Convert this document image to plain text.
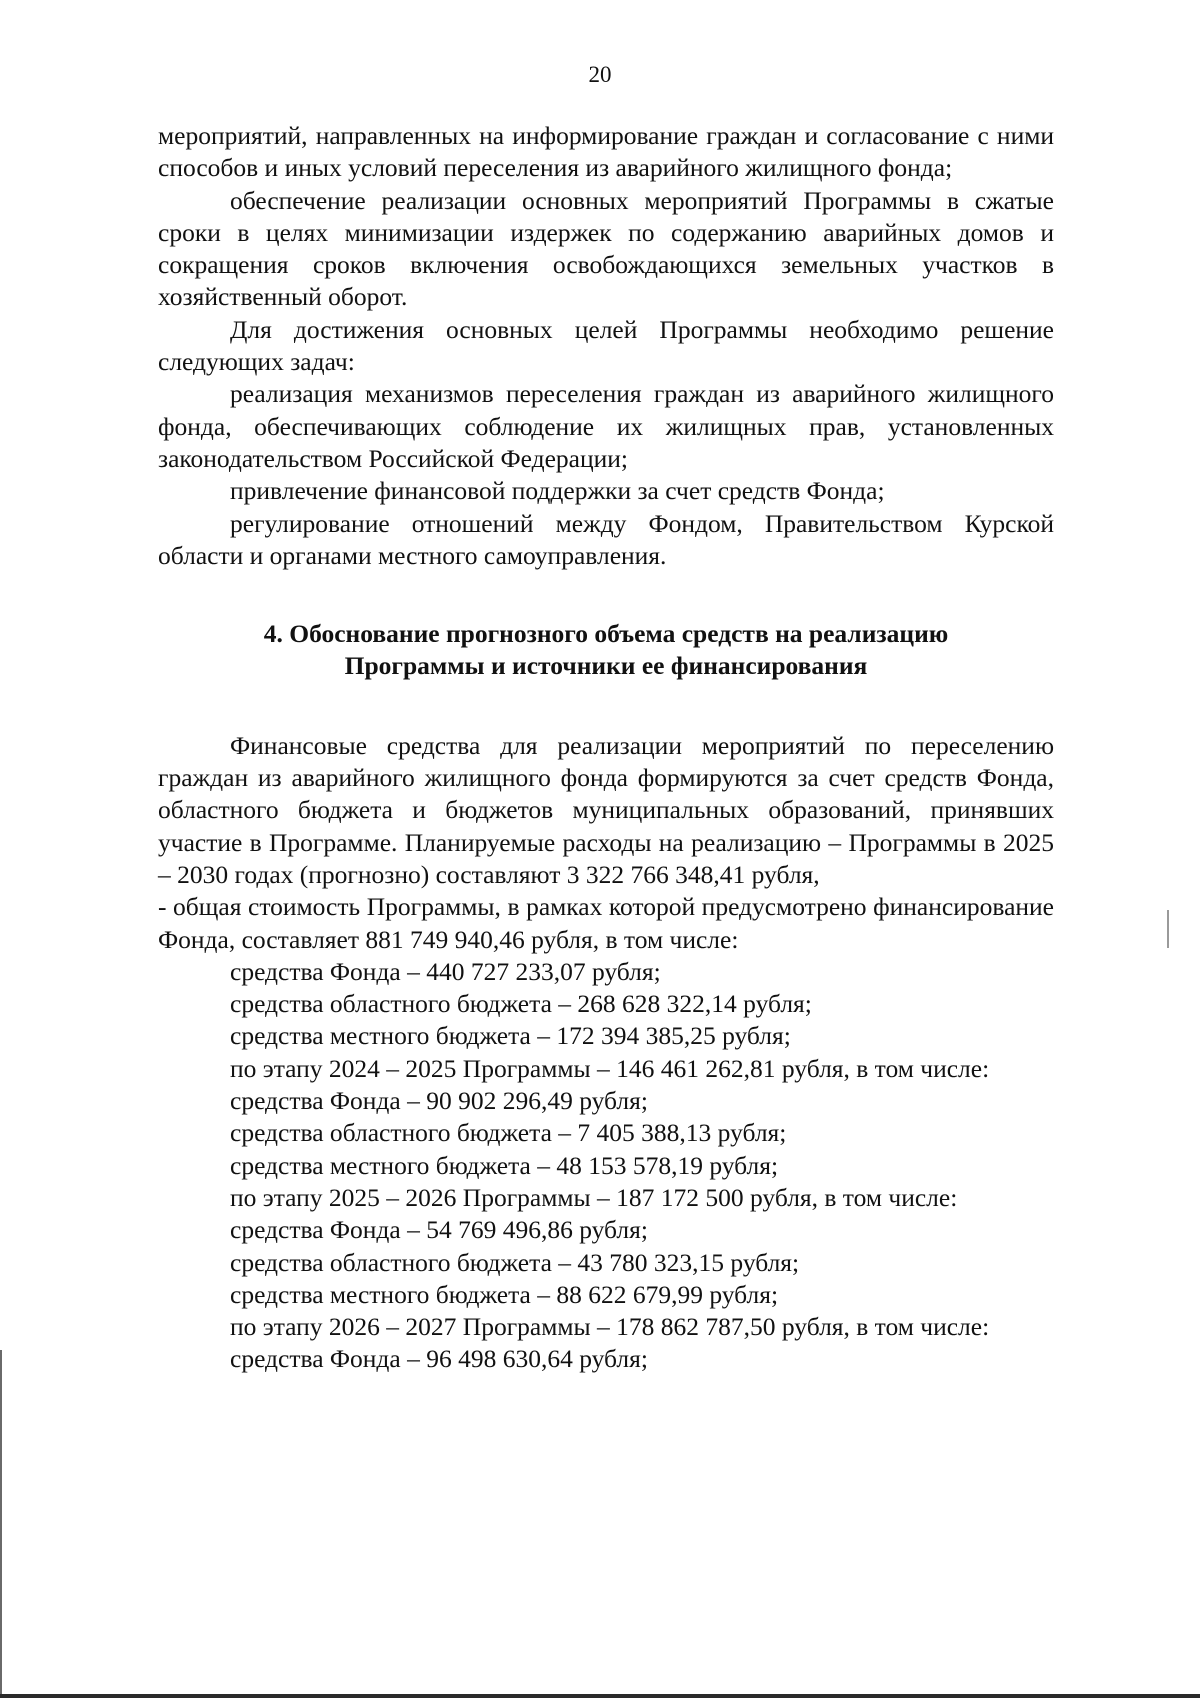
20

мероприятий, направленных на информирование граждан и согласование с ними способов и иных условий переселения из аварийного жилищного фонда;

обеспечение реализации основных мероприятий Программы в сжатые сроки в целях минимизации издержек по содержанию аварийных домов и сокращения сроков включения освобождающихся земельных участков в хозяйственный оборот.

Для достижения основных целей Программы необходимо решение следующих задач:

реализация механизмов переселения граждан из аварийного жилищного фонда, обеспечивающих соблюдение их жилищных прав, установленных законодательством Российской Федерации;

привлечение финансовой поддержки за счет средств Фонда;

регулирование отношений между Фондом, Правительством Курской области и органами местного самоуправления.

4. Обоснование прогнозного объема средств на реализацию
Программы и источники ее финансирования

Финансовые средства для реализации мероприятий по переселению граждан из аварийного жилищного фонда формируются за счет средств Фонда, областного бюджета и бюджетов муниципальных образований, принявших участие в Программе. Планируемые расходы на реализацию – Программы в 2025 – 2030 годах (прогнозно) составляют 3 322 766 348,41 рубля,

- общая стоимость Программы, в рамках которой предусмотрено финансирование Фонда, составляет 881 749 940,46 рубля, в том числе:

средства Фонда – 440 727 233,07 рубля;

средства областного бюджета – 268 628 322,14 рубля;

средства местного бюджета – 172 394 385,25 рубля;

по этапу 2024 – 2025 Программы – 146 461 262,81 рубля, в том числе:

средства Фонда – 90 902 296,49 рубля;

средства областного бюджета – 7 405 388,13 рубля;

средства местного бюджета – 48 153 578,19 рубля;

по этапу 2025 – 2026 Программы – 187 172 500 рубля, в том числе:

средства Фонда – 54 769 496,86 рубля;

средства областного бюджета – 43 780 323,15 рубля;

средства местного бюджета – 88 622 679,99 рубля;

по этапу 2026 – 2027 Программы – 178 862 787,50 рубля, в том числе:

средства Фонда – 96 498 630,64 рубля;
